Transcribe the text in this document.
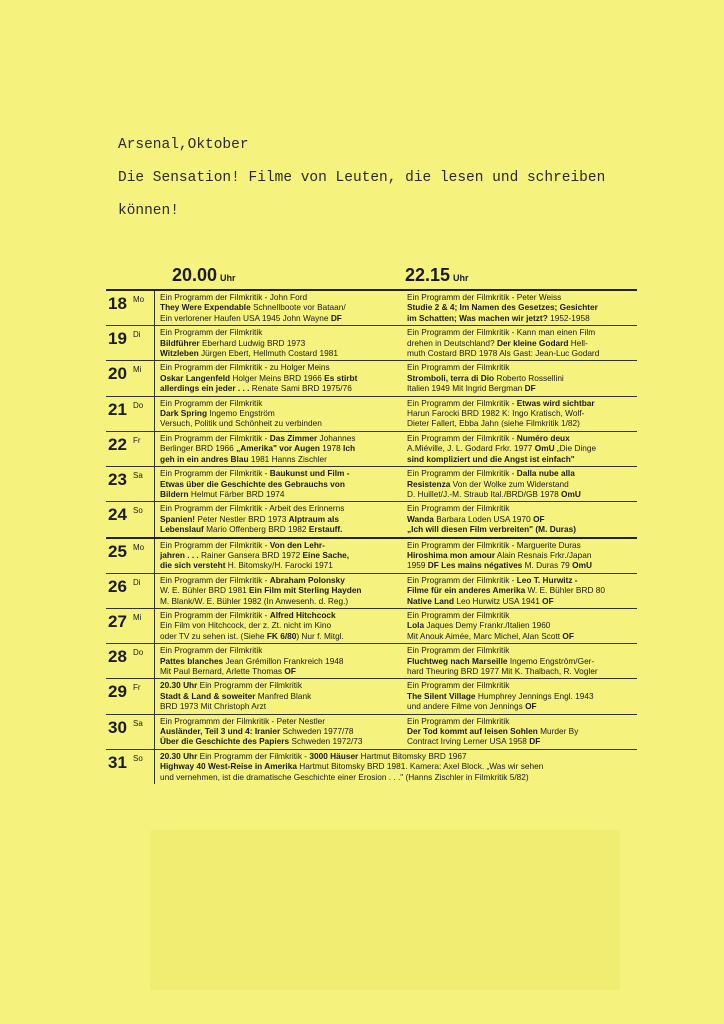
Arsenal,Oktober
Die Sensation! Filme von Leuten, die lesen und schreiben
können!
20.00 Uhr	22.15 Uhr
18 Mo Ein Programm der Filmkritik - John Ford
They Were Expendable Schnellboote vor Bataan/
Ein verlorener Haufen USA 1945 John Wayne DF
Ein Programm der Filmkritik - Peter Weiss
Studie 2 & 4; Im Namen des Gesetzes; Gesichter
im Schatten; Was machen wir jetzt? 1952-1958
19 Di Ein Programm der Filmkritik
Bildführer Eberhard Ludwig BRD 1973
Witzleben Jürgen Ebert, Hellmuth Costard 1981
Ein Programm der Filmkritik - Kann man einen Film
drehen in Deutschland? Der kleine Godard Hell-
muth Costard BRD 1978 Als Gast: Jean-Luc Godard
20 Mi Ein Programm der Filmkritik - zu Holger Meins
Oskar Langenfeld Holger Meins BRD 1966 Es stirbt
allerdings ein jeder . . . Renate Sami BRD 1975/76
Ein Programm der Filmkritik
Stromboli, terra di Dio Roberto Rossellini
Italien 1949 Mit Ingrid Bergman DF
21 Do Ein Programm der Filmkritik
Dark Spring Ingemo Engström
Versuch, Politik und Schönheit zu verbinden
Ein Programm der Filmkritik - Etwas wird sichtbar
Harun Farocki BRD 1982 K: Ingo Kratisch, Wolf-
Dieter Fallert, Ebba Jahn (siehe Filmkritik 1/82)
22 Fr Ein Programm der Filmkritik - Das Zimmer Johannes
Berlinger BRD 1966 „Amerika" vor Augen 1978 Ich
geh in ein andres Blau 1981 Hanns Zischler
Ein Programm der Filmkritik - Numéro deux
A.Miéville, J. L. Godard Frkr. 1977 OmU „Die Dinge
sind kompliziert und die Angst ist einfach"
23 Sa Ein Programm der Filmkritik - Baukunst und Film -
Etwas über die Geschichte des Gebrauchs von
Bildern Helmut Färber BRD 1974
Ein Programm der Filmkritik - Dalla nube alla
Resistenza Von der Wolke zum Widerstand
D. Huillet/J.-M. Straub Ital./BRD/GB 1978 OmU
24 So Ein Programm der Filmkritik - Arbeit des Erinnerns
Spanien! Peter Nestler BRD 1973 Alptraum als
Lebenslauf Mario Offenberg BRD 1982 Erstauff.
Ein Programm der Filmkritik
Wanda Barbara Loden USA 1970 OF
„Ich will diesen Film verbreiten" (M. Duras)
25 Mo Ein Programm der Filmkritik - Von den Lehr-
jahren . . . Rainer Gansera BRD 1972 Eine Sache,
die sich versteht H. Bitomsky/H. Farocki 1971
Ein Programm der Filmkritik - Marguerite Duras
Hiroshima mon amour Alain Resnais Frkr./Japan
1959 DF Les mains négatives M. Duras 79 OmU
26 Di Ein Programm der Filmkritik - Abraham Polonsky
W. E. Bühler BRD 1981 Ein Film mit Sterling Hayden
M. Blank/W. E. Bühler 1982 (In Anwesenh. d. Reg.)
Ein Programm der Filmkritik - Leo T. Hurwitz -
Filme für ein anderes Amerika W. E. Bühler BRD 80
Native Land Leo Hurwitz USA 1941 OF
27 Mi Ein Programm der Filmkritik - Alfred Hitchcock
Ein Film von Hitchcock, der z. Zt. nicht im Kino
oder TV zu sehen ist. (Siehe FK 6/80) Nur f. Mitgl.
Ein Programm der Filmkritik
Lola Jaques Demy Frankr./Italien 1960
Mit Anouk Aimée, Marc Michel, Alan Scott OF
28 Do Ein Programm der Filmkritik
Pattes blanches Jean Grémillon Frankreich 1948
Mit Paul Bernard, Arlette Thomas OF
Ein Programm der Filmkritik
Fluchtweg nach Marseille Ingemo Engström/Ger-
hard Theuring BRD 1977 Mit K. Thalbach, R. Vogler
29 Fr 20.30 Uhr Ein Programm der Filmkritik
Stadt & Land & soweiter Manfred Blank
BRD 1973 Mit Christoph Arzt
Ein Programm der Filmkritik
The Silent Village Humphrey Jennings Engl. 1943
und andere Filme von Jennings OF
30 Sa Ein Programmm der Filmkritik - Peter Nestler
Ausländer, Teil 3 und 4: Iranier Schweden 1977/78
Über die Geschichte des Papiers Schweden 1972/73
Ein Programm der Filmkritik
Der Tod kommt auf leisen Sohlen Murder By
Contract Irving Lerner USA 1958 DF
31 So 20.30 Uhr Ein Programm der Filmkritik - 3000 Häuser Hartmut Bitomsky BRD 1967
Highway 40 West-Reise in Amerika Hartmut Bitomsky BRD 1981. Kamera: Axel Block. „Was wir sehen
und vernehmen, ist die dramatische Geschichte einer Erosion . . ." (Hanns Zischler in Filmkritik 5/82)
